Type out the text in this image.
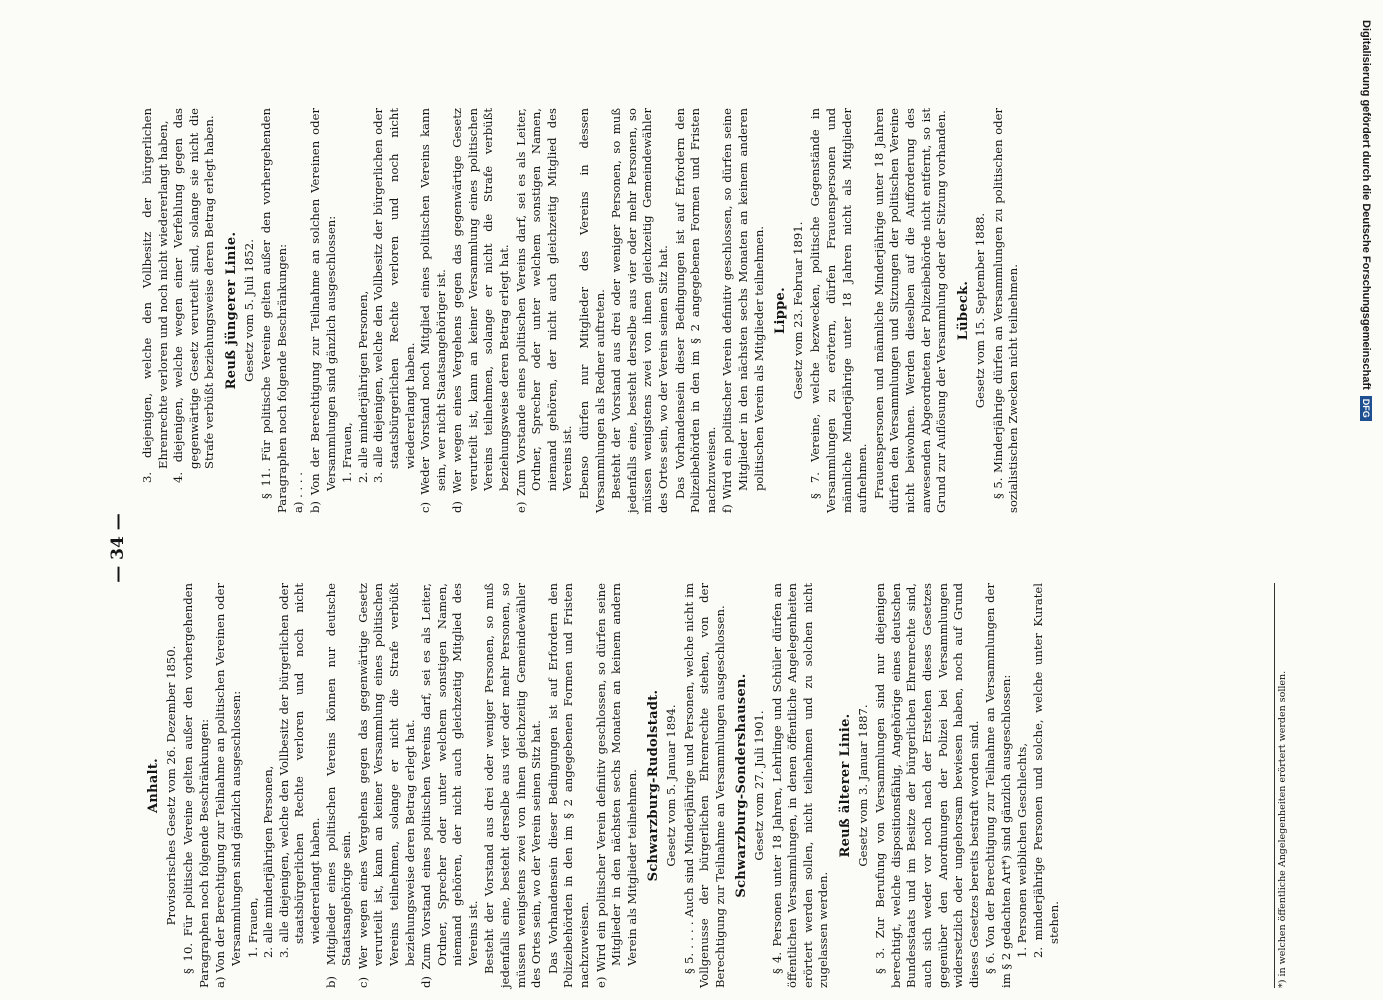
— 34 —
Anhalt. Provisorisches Gesetz vom 26. Dezember 1850. § 10. Für politische Vereine gelten außer den vorhergehenden Paragraphen noch folgende Beschränkungen: a) Von der Berechtigung zur Teilnahme an politischen Vereinen oder Versammlungen sind gänzlich ausgeschlossen: 1. Frauen, 2. alle minderjährigen Personen, 3. alle diejenigen, welche den Vollbesitz der bürgerlichen oder staatsbürgerlichen Rechte verloren und noch nicht wiedererlangt haben. b) Mitglieder eines politischen Vereins können nur deutsche Staatsangehörige sein. c) Wer wegen eines Vergehens gegen das gegenwärtige Gesetz verurteilt ist, kann an keiner Versammlung eines politischen Vereins teilnehmen, solange er nicht die Strafe verbüßt beziehungsweise deren Betrag erlegt hat. d) Zum Vorstand eines politischen Vereins darf, sei es als Leiter, Ordner, Sprecher oder unter welchem sonstigen Namen, niemand gehören, der nicht auch gleichzeitig Mitglied des Vereins ist. Besteht der Vorstand aus drei oder weniger Personen, so muß jedenfalls eine, besteht derselbe aus vier oder mehr Personen, so müssen wenigstens zwei von ihnen gleichzeitig Gemeindewähler des Ortes sein, wo der Verein seinen Sitz hat. Das Vorhandensein dieser Bedingungen ist auf Erfordern den Polizeibehörden in den im § 2 angegebenen Formen und Fristen nachzuweisen. e) Wird ein politischer Verein definitiv geschlossen, so dürfen seine Mitglieder in den nächsten sechs Monaten an keinem andern Verein als Mitglieder teilnehmen. Schwarzburg-Rudolstadt. Gesetz vom 5. Januar 1894. § 5. . . . . Auch sind Minderjährige und Personen, welche nicht im Vollgenusse der bürgerlichen Ehrenrechte stehen, von der Berechtigung zur Teilnahme an Versammlungen ausgeschlossen. Schwarzburg-Sondershausen. Gesetz vom 27. Juli 1901. § 4. Personen unter 18 Jahren, Lehrlinge und Schüler dürfen an öffentlichen Versammlungen, in denen öffentliche Angelegenheiten erörtert werden sollen, nicht teilnehmen und zu solchen nicht zugelassen werden.
Reuß älterer Linie. Gesetz vom 3. Januar 1887. § 3. Zur Berufung von Versammlungen sind nur diejenigen berechtigt, welche dispositionsfähig, Angehörige eines deutschen Bundesstaats und im Besitze der bürgerlichen Ehrenrechte sind, auch sich weder vor noch nach der Erstehen dieses Gesetzes gegenüber den Anordnungen der Polizei bei Versammlungen widersetzlich oder ungehorsam bewiesen haben, noch auf Grund dieses Gesetzes bereits bestraft worden sind. § 6. Von der Berechtigung zur Teilnahme an Versammlungen der im § 2 gedachten Art*) sind gänzlich ausgeschlossen: 1. Personen weiblichen Geschlechts, 2. minderjährige Personen und solche, welche unter Kuratel stehen.	*) in welchen öffentliche Angelegenheiten erörtert werden sollen.
3. diejenigen, welche den Vollbesitz der bürgerlichen Ehrenrechte verloren und noch nicht wiedererlangt haben, 4. diejenigen, welche wegen einer Verfehlung gegen das gegenwärtige Gesetz verurteilt sind, solange sie nicht die Strafe verbüßt beziehungsweise deren Betrag erlegt haben. Reuß jüngerer Linie. Gesetz vom 5. Juli 1852. § 11. Für politische Vereine gelten außer den vorhergehenden Paragraphen noch folgende Beschränkungen: a) . . . . b) Von der Berechtigung zur Teilnahme an solchen Vereinen oder Versammlungen sind gänzlich ausgeschlossen: 1. Frauen, 2. alle minderjährigen Personen, 3. alle diejenigen, welche den Vollbesitz der bürgerlichen oder staatsbürgerlichen Rechte verloren und noch nicht wiedererlangt haben. c) Weder Vorstand noch Mitglied eines politischen Vereins kann sein, wer nicht Staatsangehöriger ist. d) Wer wegen eines Vergehens gegen das gegenwärtige Gesetz verurteilt ist, kann an keiner Versammlung eines politischen Vereins teilnehmen, solange er nicht die Strafe verbüßt beziehungsweise deren Betrag erlegt hat. e) Zum Vorstande eines politischen Vereins darf, sei es als Leiter, Ordner, Sprecher oder unter welchem sonstigen Namen, niemand gehören, der nicht auch gleichzeitig Mitglied des Vereins ist. Ebenso dürfen nur Mitglieder des Vereins in dessen Versammlungen als Redner auftreten. Besteht der Vorstand aus drei oder weniger Personen, so muß jedenfalls eine, besteht derselbe aus vier oder mehr Personen, so müssen wenigstens zwei von ihnen gleichzeitig Gemeindewähler des Ortes sein, wo der Verein seinen Sitz hat. Das Vorhandensein dieser Bedingungen ist auf Erfordern den Polizeibehörden in den im § 2 angegebenen Formen und Fristen nachzuweisen. f) Wird ein politischer Verein definitiv geschlossen, so dürfen seine Mitglieder in den nächsten sechs Monaten an keinem anderen politischen Verein als Mitglieder teilnehmen. Lippe. Gesetz vom 23. Februar 1891. § 7. Vereine, welche bezwecken, politische Gegenstände in Versammlungen zu erörtern, dürfen Frauenspersonen und männliche Minderjährige unter 18 Jahren nicht als Mitglieder aufnehmen. Frauenspersonen und männliche Minderjährige unter 18 Jahren dürfen den Versammlungen und Sitzungen der politischen Vereine nicht beiwohnen. Werden dieselben auf die Aufforderung des anwesenden Abgeordneten der Polizeibehörde nicht entfernt, so ist Grund zur Auflösung der Versammlung oder der Sitzung vorhanden. Lübeck. Gesetz vom 15. September 1888. § 5. Minderjährige dürfen an Versammlungen zu politischen oder sozialistischen Zwecken nicht teilnehmen.	Digitalisierung gefördert durch die Deutsche Forschungsgemeinschaft
DFG
